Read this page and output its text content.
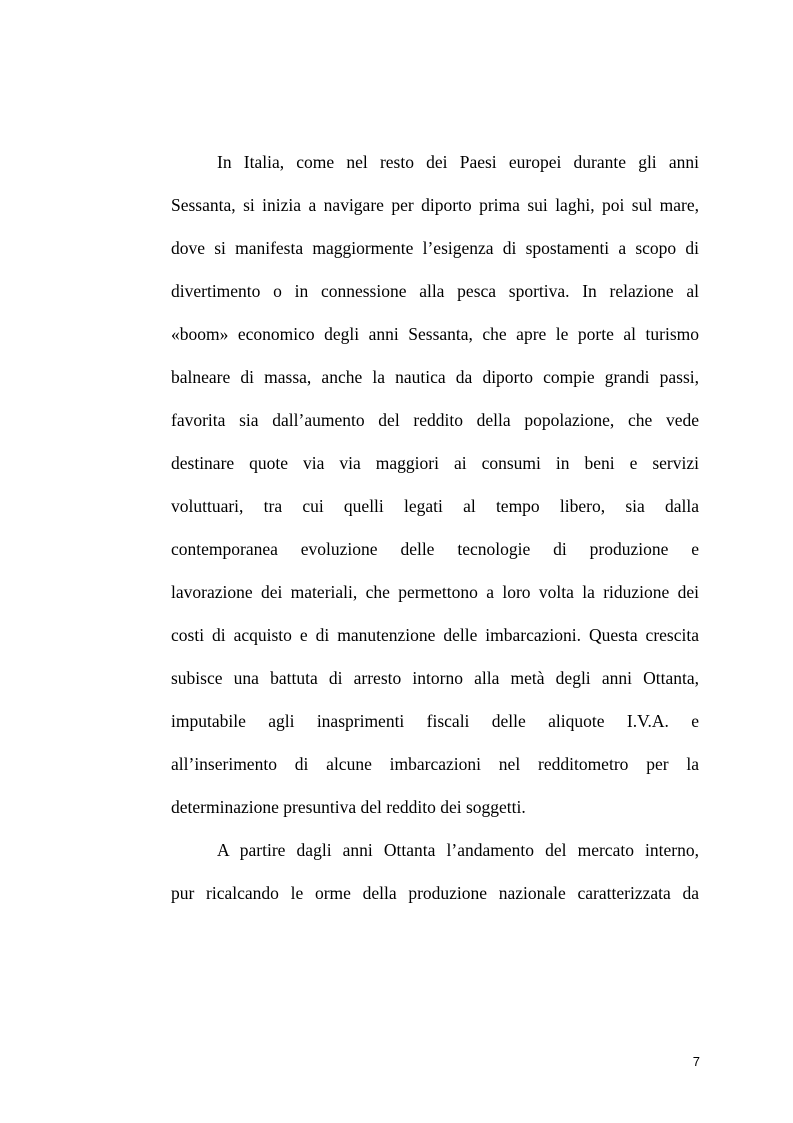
In Italia, come nel resto dei Paesi europei durante gli anni
Sessanta, si inizia a navigare per diporto prima sui laghi, poi sul mare,
dove si manifesta maggiormente l’esigenza di spostamenti a scopo di
divertimento o in connessione alla pesca sportiva. In relazione al
«boom» economico degli anni Sessanta, che apre le porte al turismo
balneare di massa, anche la nautica da diporto compie grandi passi,
favorita sia dall’aumento del reddito della popolazione, che vede
destinare quote via via maggiori ai consumi in beni e servizi
voluttuari, tra cui quelli legati al tempo libero, sia dalla
contemporanea evoluzione delle tecnologie di produzione e
lavorazione dei materiali, che permettono a loro volta la riduzione dei
costi di acquisto e di manutenzione delle imbarcazioni. Questa crescita
subisce una battuta di arresto intorno alla metà degli anni Ottanta,
imputabile agli inasprimenti fiscali delle aliquote I.V.A. e
all’inserimento di alcune imbarcazioni nel redditometro per la
determinazione presuntiva del reddito dei soggetti.
A partire dagli anni Ottanta l’andamento del mercato interno,
pur ricalcando le orme della produzione nazionale caratterizzata da
7
